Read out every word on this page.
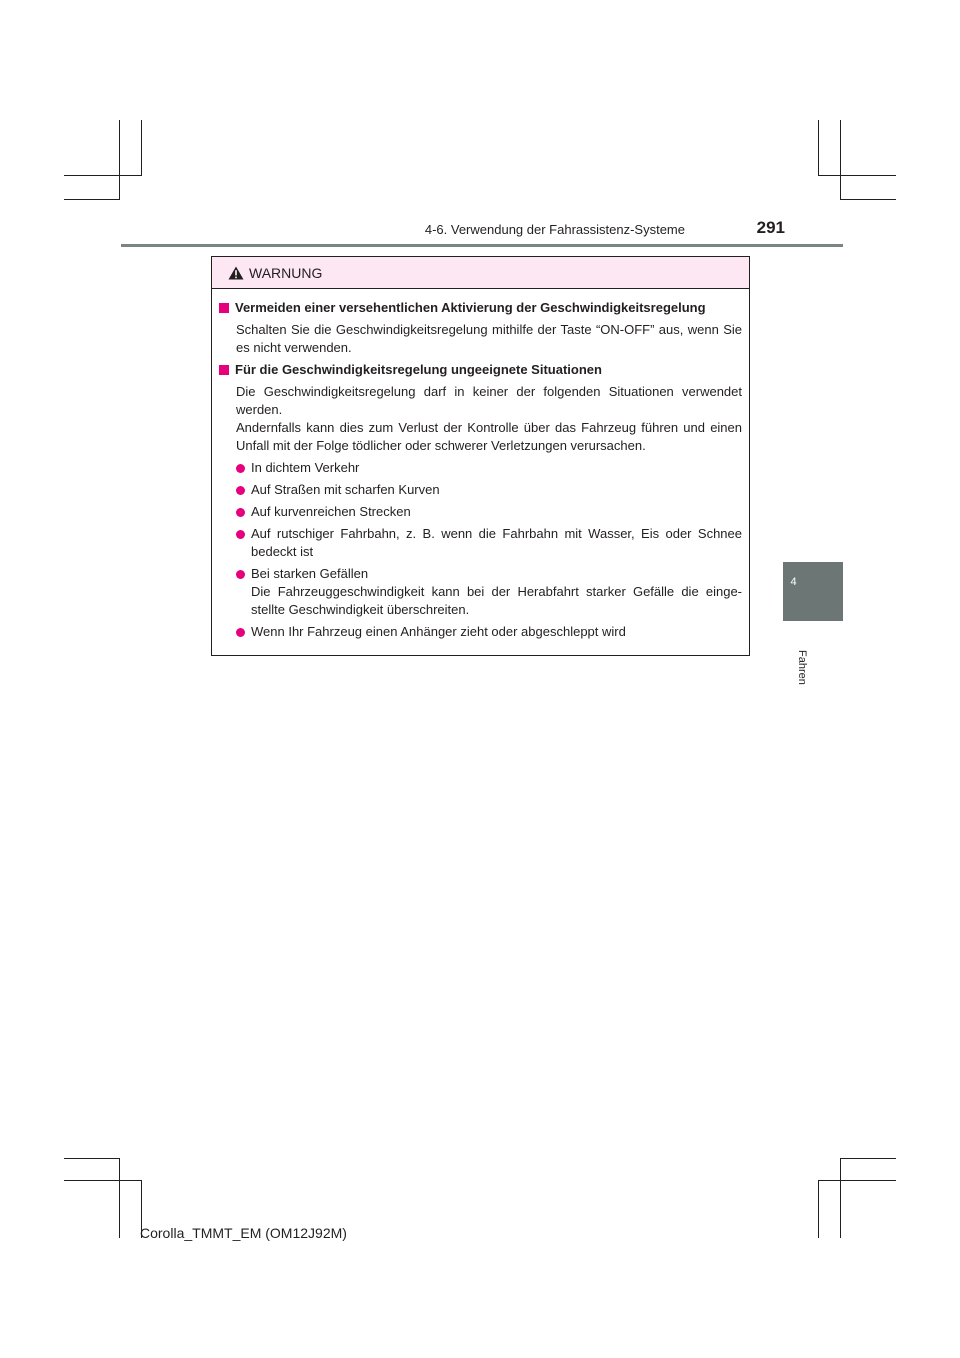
4-6. Verwendung der Fahrassistenz-Systeme	291
4
Fahren
WARNUNG
Vermeiden einer versehentlichen Aktivierung der Geschwindigkeitsregelung

Schalten Sie die Geschwindigkeitsregelung mithilfe der Taste “ON-OFF” aus, wenn Sie es nicht verwenden.

Für die Geschwindigkeitsregelung ungeeignete Situationen

Die Geschwindigkeitsregelung darf in keiner der folgenden Situationen verwendet werden.

Andernfalls kann dies zum Verlust der Kontrolle über das Fahrzeug führen und einen Unfall mit der Folge tödlicher oder schwerer Verletzungen verursachen.

In dichtem Verkehr
Auf Straßen mit scharfen Kurven
Auf kurvenreichen Strecken
Auf rutschiger Fahrbahn, z. B. wenn die Fahrbahn mit Wasser, Eis oder Schnee bedeckt ist
Bei starken Gefällen
Die Fahrzeuggeschwindigkeit kann bei der Herabfahrt starker Gefälle die einge-stellte Geschwindigkeit überschreiten.
Wenn Ihr Fahrzeug einen Anhänger zieht oder abgeschleppt wird
Corolla_TMMT_EM (OM12J92M)
